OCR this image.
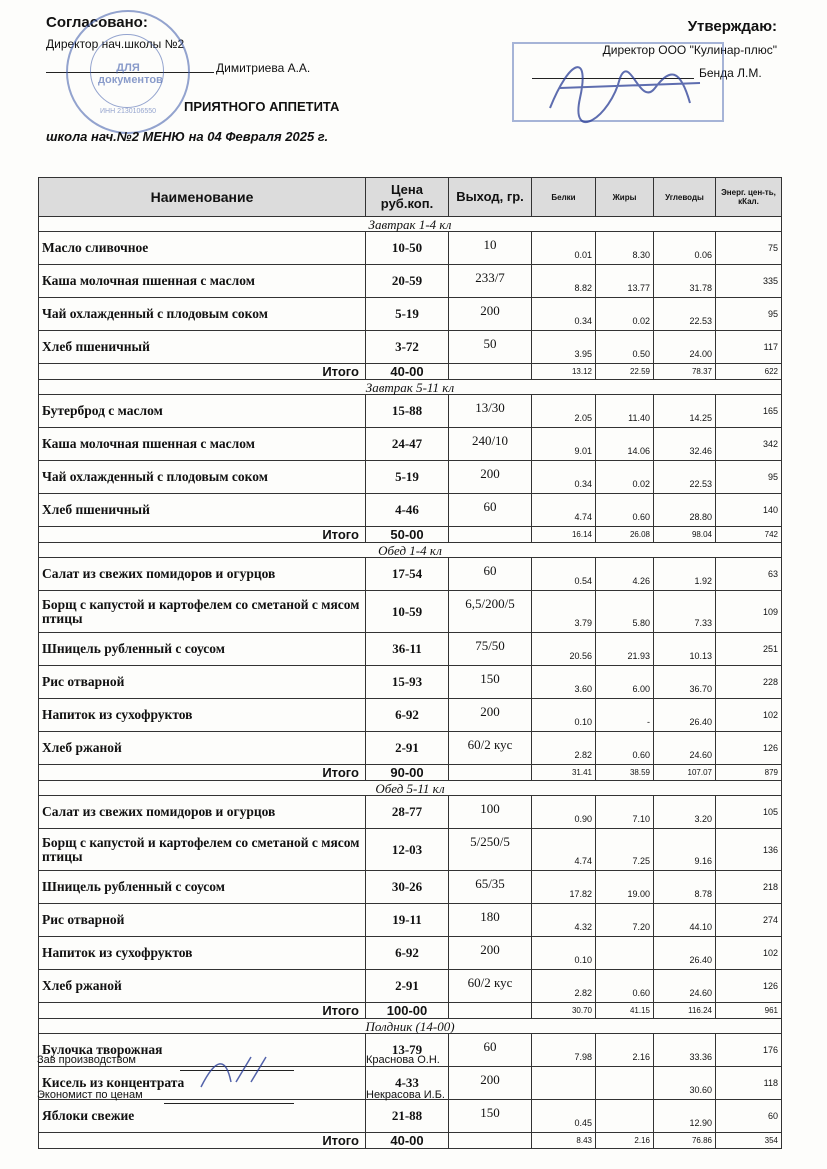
Согласовано:
Директор нач.школы №2
Димитриева А.А.
ДЛЯ документов
ИНН 2130106550
Утверждаю:
Директор ООО "Кулинар-плюс"
Бенда Л.М.
ПРИЯТНОГО АППЕТИТА
школа нач.№2 МЕНЮ на 04 Февраля 2025 г.
Наименование	Цена руб.коп.	Выход, гр.	Белки	Жиры	Углеводы	Энерг. цен-ть, кКал.
Завтрак 1-4 кл						
Масло сливочное	10-50	10	0.01	8.30	0.06	75
Каша молочная пшенная с маслом	20-59	233/7	8.82	13.77	31.78	335
Чай охлажденный с плодовым соком	5-19	200	0.34	0.02	22.53	95
Хлеб пшеничный	3-72	50	3.95	0.50	24.00	117
Итого	40-00		13.12	22.59	78.37	622
Завтрак 5-11 кл						
Бутерброд с маслом	15-88	13/30	2.05	11.40	14.25	165
Каша молочная пшенная с маслом	24-47	240/10	9.01	14.06	32.46	342
Чай охлажденный с плодовым соком	5-19	200	0.34	0.02	22.53	95
Хлеб пшеничный	4-46	60	4.74	0.60	28.80	140
Итого	50-00		16.14	26.08	98.04	742
Обед 1-4 кл						
Салат из свежих помидоров и огурцов	17-54	60	0.54	4.26	1.92	63
Борщ с капустой и картофелем со сметаной с мясом птицы	10-59	6,5/200/5	3.79	5.80	7.33	109
Шницель рубленный с соусом	36-11	75/50	20.56	21.93	10.13	251
Рис отварной	15-93	150	3.60	6.00	36.70	228
Напиток из сухофруктов	6-92	200	0.10	-	26.40	102
Хлеб ржаной	2-91	60/2 кус	2.82	0.60	24.60	126
Итого	90-00		31.41	38.59	107.07	879
Обед 5-11 кл						
Салат из свежих помидоров и огурцов	28-77	100	0.90	7.10	3.20	105
Борщ с капустой и картофелем со сметаной с мясом птицы	12-03	5/250/5	4.74	7.25	9.16	136
Шницель рубленный с соусом	30-26	65/35	17.82	19.00	8.78	218
Рис отварной	19-11	180	4.32	7.20	44.10	274
Напиток из сухофруктов	6-92	200	0.10		26.40	102
Хлеб ржаной	2-91	60/2 кус	2.82	0.60	24.60	126
Итого	100-00		30.70	41.15	116.24	961
Полдник (14-00)						
Булочка творожная	13-79	60	7.98	2.16	33.36	176
Кисель из концентрата	4-33	200			30.60	118
Яблоки свежие	21-88	150	0.45		12.90	60
Итого	40-00		8.43	2.16	76.86	354
Зав производством	Краснова О.Н.
Экономист по ценам	Некрасова И.Б.
